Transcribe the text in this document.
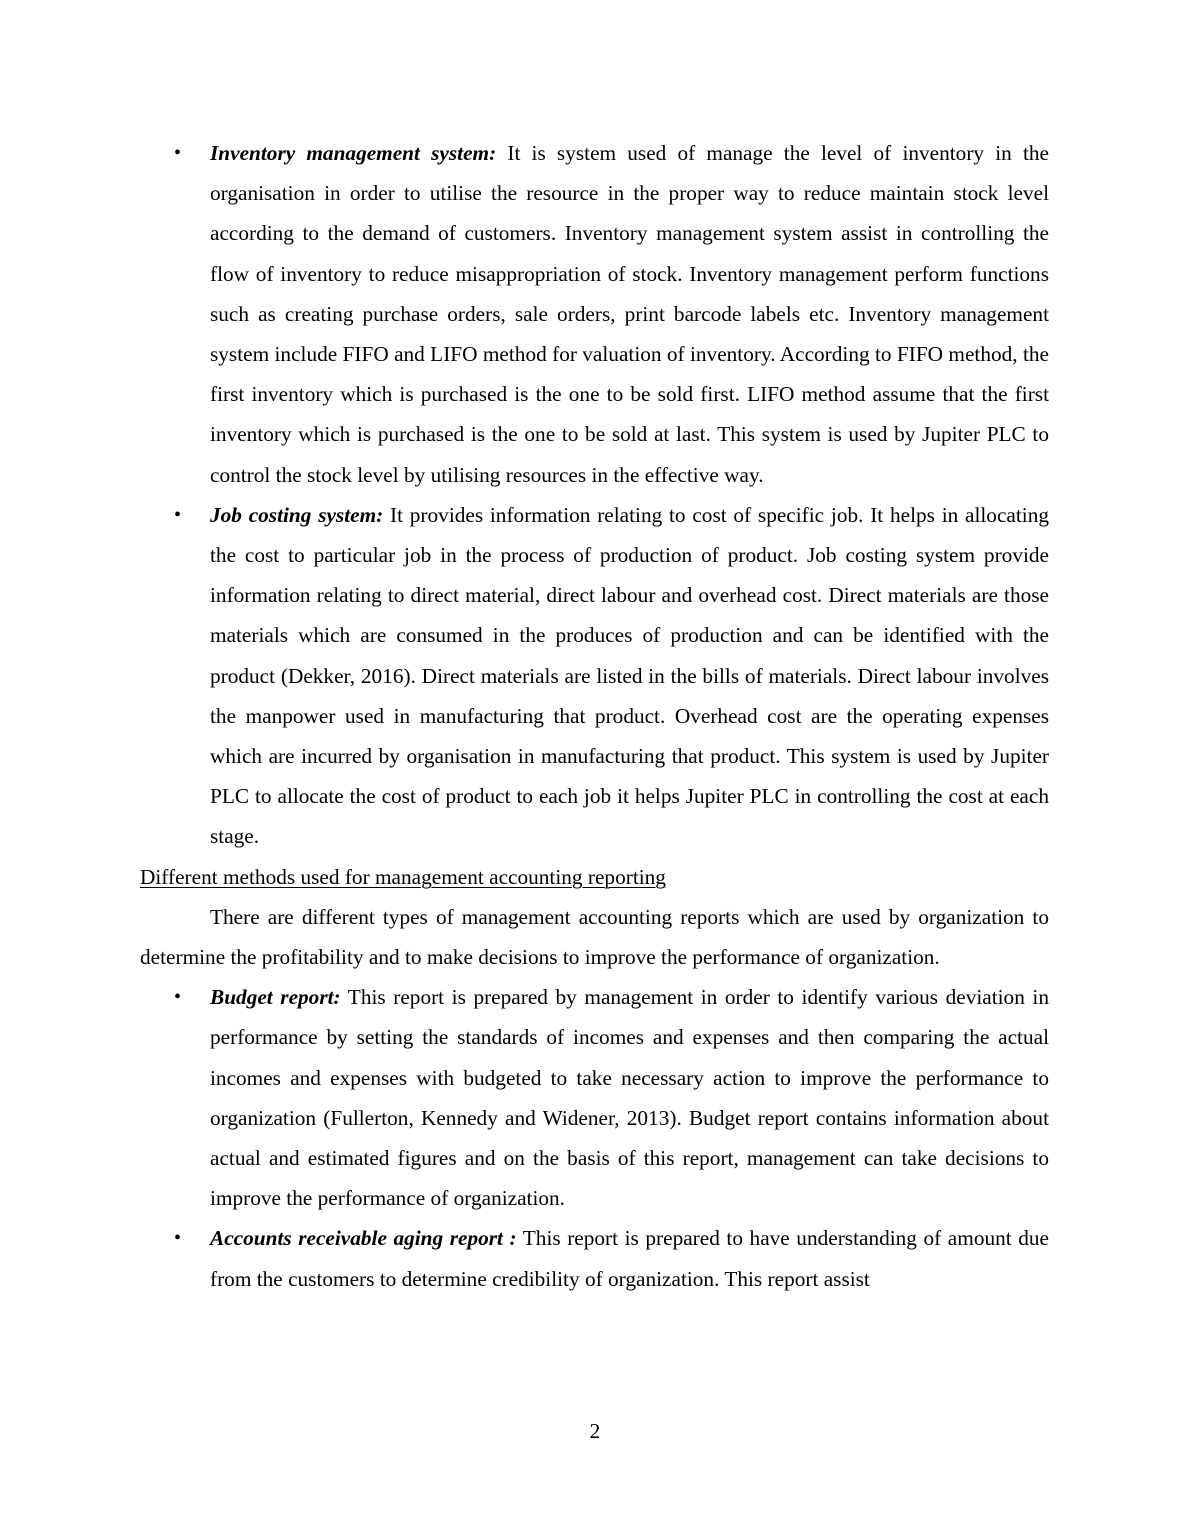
• Inventory management system: It is system used of manage the level of inventory in the organisation in order to utilise the resource in the proper way to reduce maintain stock level according to the demand of customers. Inventory management system assist in controlling the flow of inventory to reduce misappropriation of stock. Inventory management perform functions such as creating purchase orders, sale orders, print barcode labels etc. Inventory management system include FIFO and LIFO method for valuation of inventory. According to FIFO method, the first inventory which is purchased is the one to be sold first. LIFO method assume that the first inventory which is purchased is the one to be sold at last. This system is used by Jupiter PLC to control the stock level by utilising resources in the effective way.

• Job costing system: It provides information relating to cost of specific job. It helps in allocating the cost to particular job in the process of production of product. Job costing system provide information relating to direct material, direct labour and overhead cost. Direct materials are those materials which are consumed in the produces of production and can be identified with the product (Dekker, 2016). Direct materials are listed in the bills of materials. Direct labour involves the manpower used in manufacturing that product. Overhead cost are the operating expenses which are incurred by organisation in manufacturing that product. This system is used by Jupiter PLC to allocate the cost of product to each job it helps Jupiter PLC in controlling the cost at each stage.

Different methods used for management accounting reporting

There are different types of management accounting reports which are used by organization to determine the profitability and to make decisions to improve the performance of organization.

• Budget report: This report is prepared by management in order to identify various deviation in performance by setting the standards of incomes and expenses and then comparing the actual incomes and expenses with budgeted to take necessary action to improve the performance to organization (Fullerton, Kennedy and Widener, 2013). Budget report contains information about actual and estimated figures and on the basis of this report, management can take decisions to improve the performance of organization.

• Accounts receivable aging report : This report is prepared to have understanding of amount due from the customers to determine credibility of organization. This report assist

2
